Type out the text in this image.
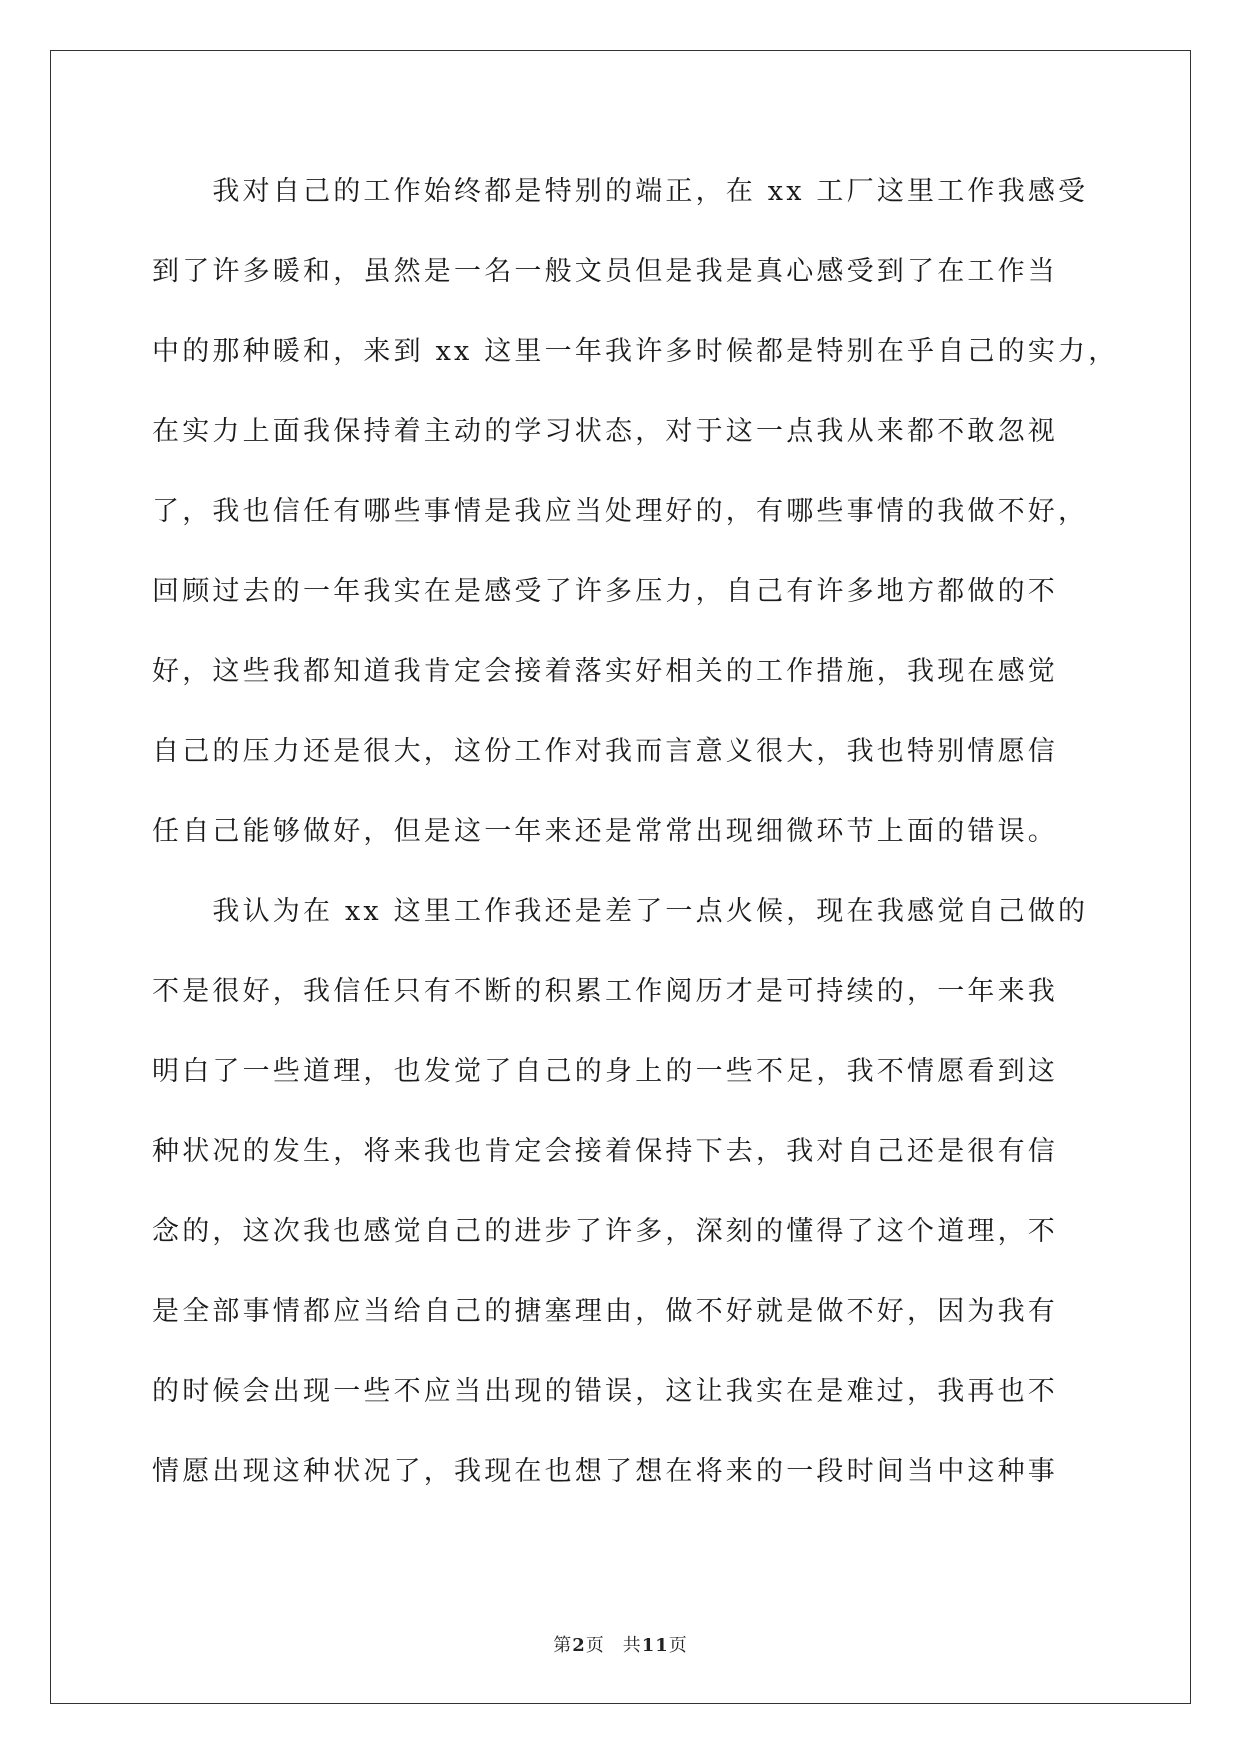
　　我对自己的工作始终都是特别的端正，在 xx 工厂这里工作我感受
到了许多暖和，虽然是一名一般文员但是我是真心感受到了在工作当
中的那种暖和，来到 xx 这里一年我许多时候都是特别在乎自己的实力，
在实力上面我保持着主动的学习状态，对于这一点我从来都不敢忽视
了，我也信任有哪些事情是我应当处理好的，有哪些事情的我做不好，
回顾过去的一年我实在是感受了许多压力，自己有许多地方都做的不
好，这些我都知道我肯定会接着落实好相关的工作措施，我现在感觉
自己的压力还是很大，这份工作对我而言意义很大，我也特别情愿信
任自己能够做好，但是这一年来还是常常出现细微环节上面的错误。
　　我认为在 xx 这里工作我还是差了一点火候，现在我感觉自己做的
不是很好，我信任只有不断的积累工作阅历才是可持续的，一年来我
明白了一些道理，也发觉了自己的身上的一些不足，我不情愿看到这
种状况的发生，将来我也肯定会接着保持下去，我对自己还是很有信
念的，这次我也感觉自己的进步了许多，深刻的懂得了这个道理，不
是全部事情都应当给自己的搪塞理由，做不好就是做不好，因为我有
的时候会出现一些不应当出现的错误，这让我实在是难过，我再也不
情愿出现这种状况了，我现在也想了想在将来的一段时间当中这种事
第2页 共11页
